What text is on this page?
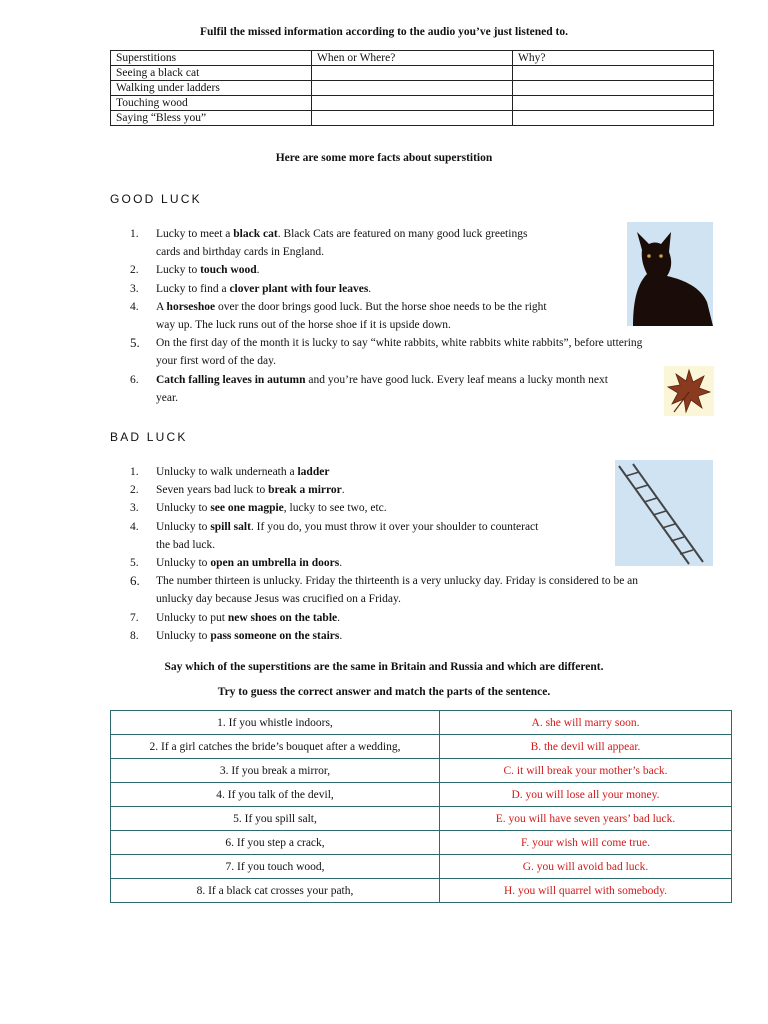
Fulfil the missed information according to the audio you’ve just listened to.
Superstitions	When or Where?	Why?
Seeing a black cat		
Walking under ladders		
Touching wood		
Saying “Bless you”		
Here are some more facts about superstition
GOOD LUCK
1. Lucky to meet a black cat. Black Cats are featured on many good luck greetings
cards and birthday cards in England.
2. Lucky to touch wood.
3. Lucky to find a clover plant with four leaves.
4. A horseshoe over the door brings good luck. But the horse shoe needs to be the right
way up. The luck runs out of the horse shoe if it is upside down.
5. On the first day of the month it is lucky to say “white rabbits, white rabbits white rabbits”, before uttering
your first word of the day.
6. Catch falling leaves in autumn and you’re have good luck. Every leaf means a lucky month next
year.
BAD LUCK
1. Unlucky to walk underneath a ladder
2. Seven years bad luck to break a mirror.
3. Unlucky to see one magpie, lucky to see two, etc.
4. Unlucky to spill salt. If you do, you must throw it over your shoulder to counteract
the bad luck.
5. Unlucky to open an umbrella in doors.
6. The number thirteen is unlucky. Friday the thirteenth is a very unlucky day. Friday is considered to be an
unlucky day because Jesus was crucified on a Friday.
7. Unlucky to put new shoes on the table.
8. Unlucky to pass someone on the stairs.
Say which of the superstitions are the same in Britain and Russia and which are different.
Try to guess the correct answer and match the parts of the sentence.
1. If you whistle indoors,	A. she will marry soon.
2. If a girl catches the bride’s bouquet after a wedding,	B. the devil will appear.
3. If you break a mirror,	C. it will break your mother’s back.
4. If you talk of the devil,	D. you will lose all your money.
5. If you spill salt,	E. you will have seven years’ bad luck.
6. If you step a crack,	F. your wish will come true.
7. If you touch wood,	G. you will avoid bad luck.
8. If a black cat crosses your path,	H. you will quarrel with somebody.
